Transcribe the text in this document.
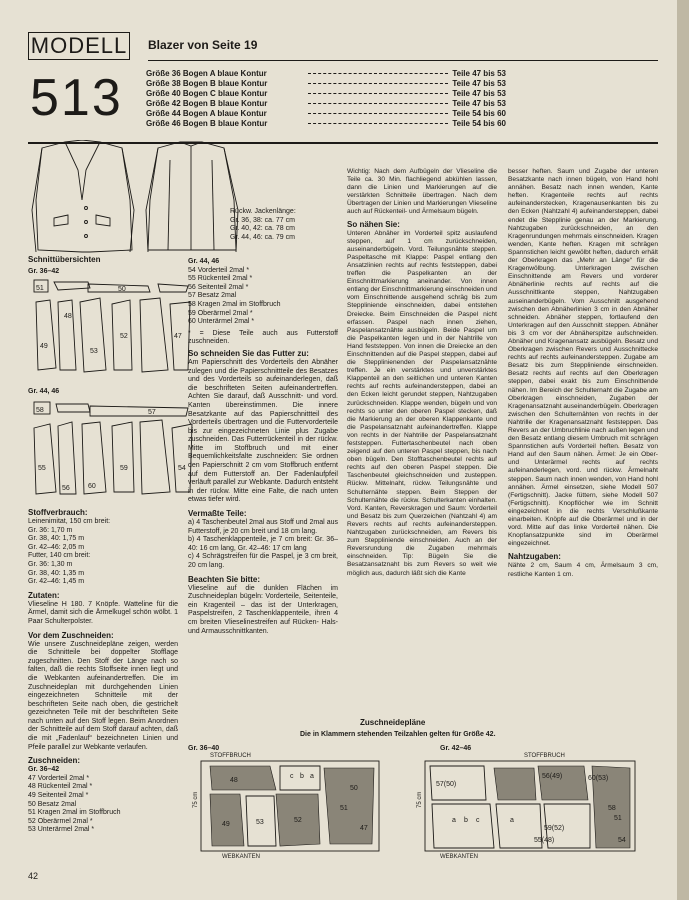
MODELL
513
Blazer von Seite 19
Größe 36 Bogen A blaue Kontur	Teile 47 bis 53
Größe 38 Bogen B blaue Kontur	Teile 47 bis 53
Größe 40 Bogen C blaue Kontur	Teile 47 bis 53
Größe 42 Bogen B blaue Kontur	Teile 47 bis 53
Größe 44 Bogen A blaue Kontur	Teile 54 bis 60
Größe 46 Bogen B blaue Kontur	Teile 54 bis 60
Rückw. Jackenlänge:
Gr. 36, 38: ca. 77 cm
Gr. 40, 42: ca. 78 cm
Gr. 44, 46: ca. 79 cm
Schnittübersichten
Gr. 36–42
51	50
49
48
53
52	47
Gr. 44, 46
58	57
55
56	60
59	54
Stoffverbrauch:
Leinenimitat, 150 cm breit:
Gr. 36: 1,70 m
Gr. 38, 40: 1,75 m
Gr. 42–46: 2,05 m
Futter, 140 cm breit:
Gr. 36: 1,30 m
Gr. 38, 40: 1,35 m
Gr. 42–46: 1,45 m
Zutaten:
Vlieseline H 180. 7 Knöpfe. Watteline für die Ärmel, damit sich die Ärmelkugel schön wölbt. 1 Paar Schulterpolster.
Vor dem Zuschneiden:
Wie unsere Zuschneidepläne zeigen, werden die Schnitteile bei doppelter Stofflage zugeschnitten. Den Stoff der Länge nach so falten, daß die rechts Stoffseite innen liegt und die Webkanten aufeinandertreffen. Die im Zuschneideplan mit durchgehenden Linien eingezeichneten Schnitteile mit der beschrifteten Seite nach oben, die gestrichelt gezeichneten Teile mit der beschrifteten Seite nach unten auf den Stoff legen. Beim Anordnen der Schnitteile auf dem Stoff darauf achten, daß die mit „Fadenlauf“ bezeichneten Linien und Pfeile parallel zur Webkante verlaufen.
Zuschneiden:
Gr. 36–42
47 Vorderteil 2mal *
48 Rückenteil 2mal *
49 Seitenteil 2mal *
50 Besatz 2mal
51 Kragen 2mal im Stoffbruch
52 Oberärmel 2mal *
53 Unterärmel 2mal *
Gr. 44, 46
54 Vorderteil 2mal *
55 Rückenteil 2mal *
56 Seitenteil 2mal *
57 Besatz 2mal
58 Kragen 2mal im Stoffbruch
59 Oberärmel 2mal *
60 Unterärmel 2mal *
* = Diese Teile auch aus Futterstoff zuschneiden.
So schneiden Sie das Futter zu:
Am Papierschnitt des Vorderteils den Abnäher zulegen und die Papierschnittteile des Besatzes und des Vorderteils so aufeinanderlegen, daß die beschrifteten Seiten aufeinandertreffen. Achten Sie darauf, daß Ausschnitt- und vord. Kanten übereinstimmen. Die innere Besatzkante auf das Papierschnittteil des Vorderteils übertragen und die Futtervorderteile bis zur eingezeichneten Linie plus Zugabe zuschneiden. Das Futterrückenteil in der rückw. Mitte im Stoffbruch und mit einer Bequemlichkeitsfalte zuschneiden: Sie ordnen den Papierschnitt 2 cm vom Stoffbruch entfernt auf dem Futterstoff an. Der Fadenlaufpfeil verläuft parallel zur Webkante. Dadurch entsteht in der rückw. Mitte eine Falte, die nach unten etwas tiefer wird.
Vermaßte Teile:
a) 4 Taschenbeutel 2mal aus Stoff und 2mal aus Futterstoff, je 20 cm breit und 18 cm lang.
b) 4 Taschenklappenteile, je 7 cm breit: Gr. 36–40: 16 cm lang, Gr. 42–46: 17 cm lang
c) 4 Schrägstreifen für die Paspel, je 3 cm breit, 20 cm lang.
Beachten Sie bitte:
Vlieseline auf die dunklen Flächen im Zuschneideplan bügeln: Vorderteile, Seitenteile, ein Kragenteil – das ist der Unterkragen, Paspelstreifen, 2 Taschenklappenteile, ihren 4 cm breiten Vlieselinestreifen auf Rücken- Hals- und Armausschnittkanten.
Wichtig: Nach dem Aufbügeln der Vlieseline die Teile ca. 30 Min. flachliegend abkühlen lassen, dann die Linien und Markierungen auf die verstärkten Schnitteile übertragen. Nach dem Übertragen der Linien und Markierungen Vlieseline auch auf Rückenteil- und Ärmelsaum bügeln.
So nähen Sie:
Unteren Abnäher im Vorderteil spitz auslaufend steppen, auf 1 cm zurückschneiden, auseinanderbügeln. Vord. Teilungsnähte steppen. Paspeltasche mit Klappe: Paspel entlang den Ansatzlinien rechts auf rechts feststeppen, dabei treffen die Paspelkanten an der Einschnittmarkierung aneinander. Von innen entlang der Einschnittmarkierung einschneiden und vom Einschnittende ausgehend schräg bis zum Steppliniende einschneiden, dabei entstehen Dreiecke. Beim Einschneiden die Paspel nicht erfassen. Paspel nach innen ziehen, Paspelansatznähte ausbügeln. Beide Paspel um die Paspelkanten legen und in der Nahtrille von Hand feststeppen. Von innen die Dreiecke an den Einschnittenden auf die Paspel steppen, dabei auf die Stepplinienenden der Paspelansatznähte treffen. Je ein verstärktes und unverstärktes Klappenteil an den seitlichen und unteren Kanten rechts auf rechts aufeinandersteppen, dabei an den Ecken leicht gerundet steppen, Nahtzugaben zurückschneiden. Klappe wenden, bügeln und von rechts so unter den oberen Paspel stecken, daß die Markierung an der oberen Klappenkante und die Paspelansatznaht aufeinandertreffen. Klappe von rechts in der Nahtrille der Paspelansatznaht feststeppen. Futtertaschenbeutel nach oben zeigend auf den unteren Paspel steppen, bis nach oben bügeln. Den Stofftaschenbeutel rechts auf rechts auf den oberen Paspel steppen. Die Taschenbeutel gleichschneiden und zusteppen. Rückw. Mittelnaht, rückw. Teilungsnähte und Schulternähte steppen. Beim Steppen der Schulternähte die rückw. Schulterkanten einhalten. Vord. Kanten, Reverskragen und Saum: Vorderteil und Besatz bis zum Querzeichen (Nahtzahl 4) am Revers rechts auf rechts aufeinandersteppen. Nahtzugaben zurückschneiden, am Revers bis zum Steppliniende einschneiden. Auch an der Reversrundung die Zugaben mehrmals einschneiden. Tip: Bügeln Sie die Besatzansatznaht bis zum Revers so weit wie möglich aus, dadurch läßt sich die Kante
besser heften. Saum und Zugabe der unteren Besatzkante nach innen bügeln, von Hand hohl annähen. Besatz nach innen wenden, Kante heften. Kragenteile rechts auf rechts aufeinanderstecken, Kragenausenkanten bis zu den Ecken (Nahtzahl 4) aufeinandersteppen, dabei endet die Stepplinie genau an der Markierung. Nahtzugaben zurückschneiden, an den Kragenrundungen mehrmals einschneiden. Kragen wenden, Kante heften. Kragen mit schrägen Spannstichen leicht gewölbt heften, dadurch erhält der Oberkragen das „Mehr an Länge“ für die Kragenwölbung. Unterkragen zwischen Einschnittende am Revers und vorderer Abnäherlinie rechts auf rechts auf die Ausschnittkante steppen, Nahtzugaben auseinanderbügeln. Vom Ausschnitt ausgehend zwischen den Abnäherlinien 3 cm in den Abnäher schneiden. Abnäher steppen, fortlaufend den Unterkragen auf den Ausschnitt steppen. Abnäher bis 3 cm vor der Abnäherspitze aufschneiden. Abnäher und Kragenansatz ausbügeln. Besatz und Oberkragen zwischen Revers und Ausschnittecke rechts auf rechts aufeinandersteppen. Zugabe am Besatz bis zum Steppliniende einschneiden. Besatz rechts auf rechts auf den Oberkragen steppen, dabei exakt bis zum Einschnittende nähen. Im Bereich der Schulternaht die Zugabe am Oberkragen einschneiden, Zugaben der Kragenansatznaht auseinanderbügeln. Oberkragen zwischen den Schulternähten von rechts in der Nahtrille der Kragenansatznaht feststeppen. Das Revers an der Umbruchlinie nach außen legen und den Besatz entlang diesem Umbruch mit schrägen Spannstichen aufs Vorderteil heften. Besatz von Hand auf den Saum nähen. Ärmel: Je ein Ober- und Unterärmel rechts auf rechts aufeinanderlegen, vord. und rückw. Ärmelnaht steppen. Saum nach innen wenden, von Hand hohl annähen. Ärmel einsetzen, siehe Modell 507 (Fertigschnitt). Jacke füttern, siehe Modell 507 (Fertigschnitt). Knopflöcher wie im Schnitt eingezeichnet in die rechts Verschlußkante einarbeiten. Knöpfe auf die Oberärmel und in der vord. Mitte auf das linke Vorderteil nähen. Die Knopfansatzpunkte sind im Oberärmel eingezeichnet.
Nahtzugaben:
Nähte 2 cm, Saum 4 cm, Ärmelsaum 3 cm, restliche Kanten 1 cm.
Zuschneidepläne
Die in Klammern stehenden Teilzahlen gelten für Größe 42.
Gr. 36–40
STOFFBRUCH
WEBKANTEN
75 cm
48
49	53
c b a
52
51
47
50
Gr. 42–46
STOFFBRUCH
WEBKANTEN
75 cm
56(49)	60(53)
57(50)
59(52)
58
55(48)	54
a b c	51
a
42
